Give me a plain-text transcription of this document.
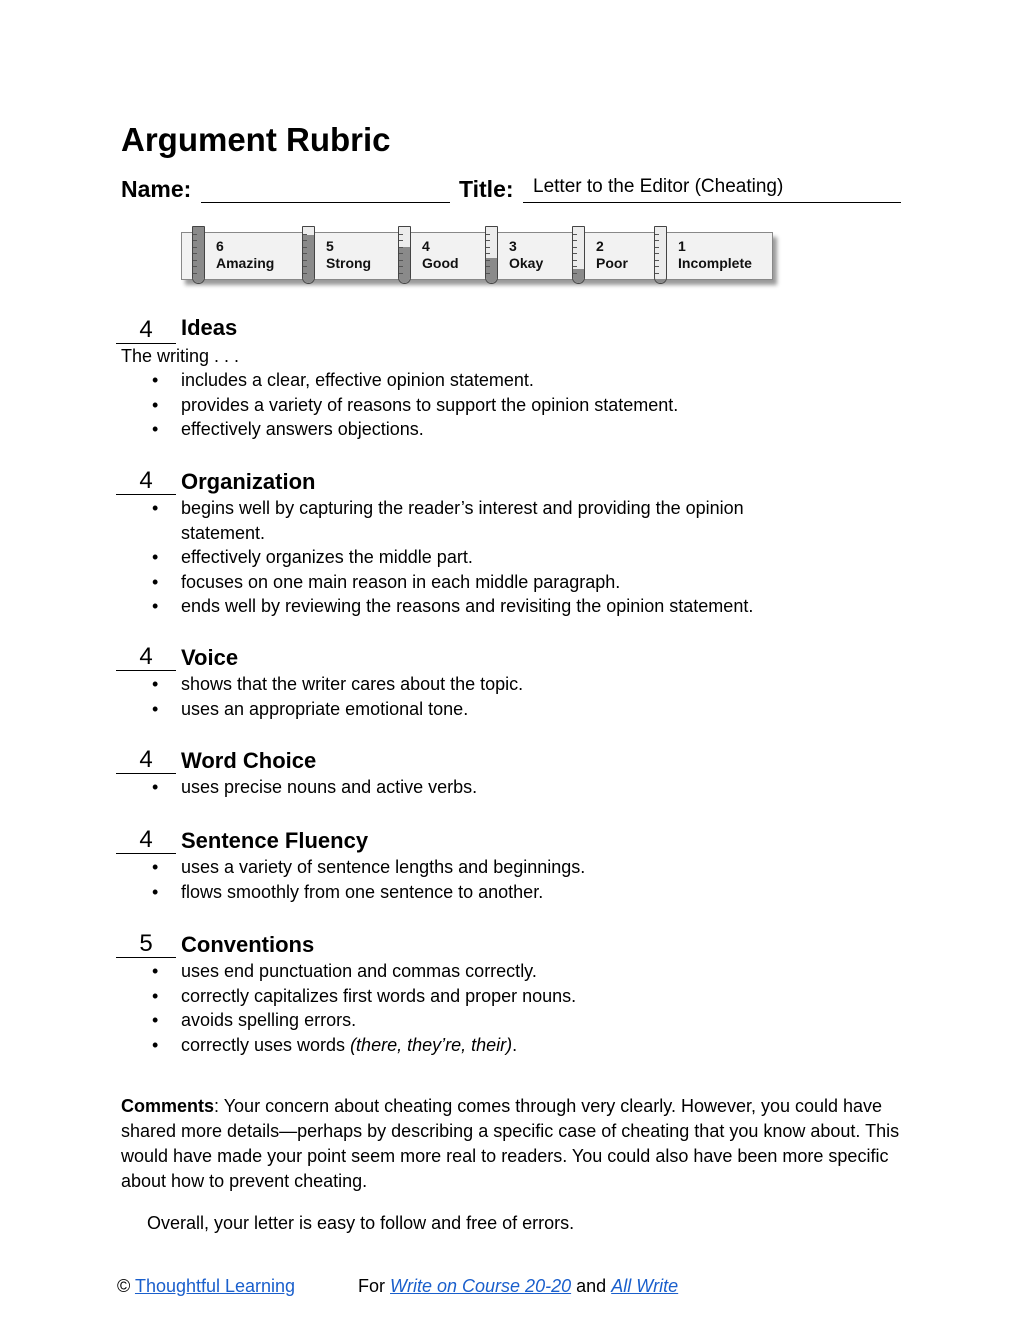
Argument Rubric
Name:	Title: Letter to the Editor (Cheating)
6
Amazing
5
Strong
4
Good
3
Okay
2
Poor
1
Incomplete
4	Ideas
The writing . . .
• includes a clear, effective opinion statement.
• provides a variety of reasons to support the opinion statement.
• effectively answers objections.
4	Organization
• begins well by capturing the reader’s interest and providing the opinion statement.
• effectively organizes the middle part.
• focuses on one main reason in each middle paragraph.
• ends well by reviewing the reasons and revisiting the opinion statement.
4	Voice
• shows that the writer cares about the topic.
• uses an appropriate emotional tone.
4	Word Choice
• uses precise nouns and active verbs.
4	Sentence Fluency
• uses a variety of sentence lengths and beginnings.
• flows smoothly from one sentence to another.
5	Conventions
• uses end punctuation and commas correctly.
• correctly capitalizes first words and proper nouns.
• avoids spelling errors.
• correctly uses words (there, they’re, their).

Comments: Your concern about cheating comes through very clearly. However, you could have shared more details—perhaps by describing a specific case of cheating that you know about. This would have made your point seem more real to readers. You could also have been more specific about how to prevent cheating.

Overall, your letter is easy to follow and free of errors.

© Thoughtful Learning	For Write on Course 20-20 and All Write
